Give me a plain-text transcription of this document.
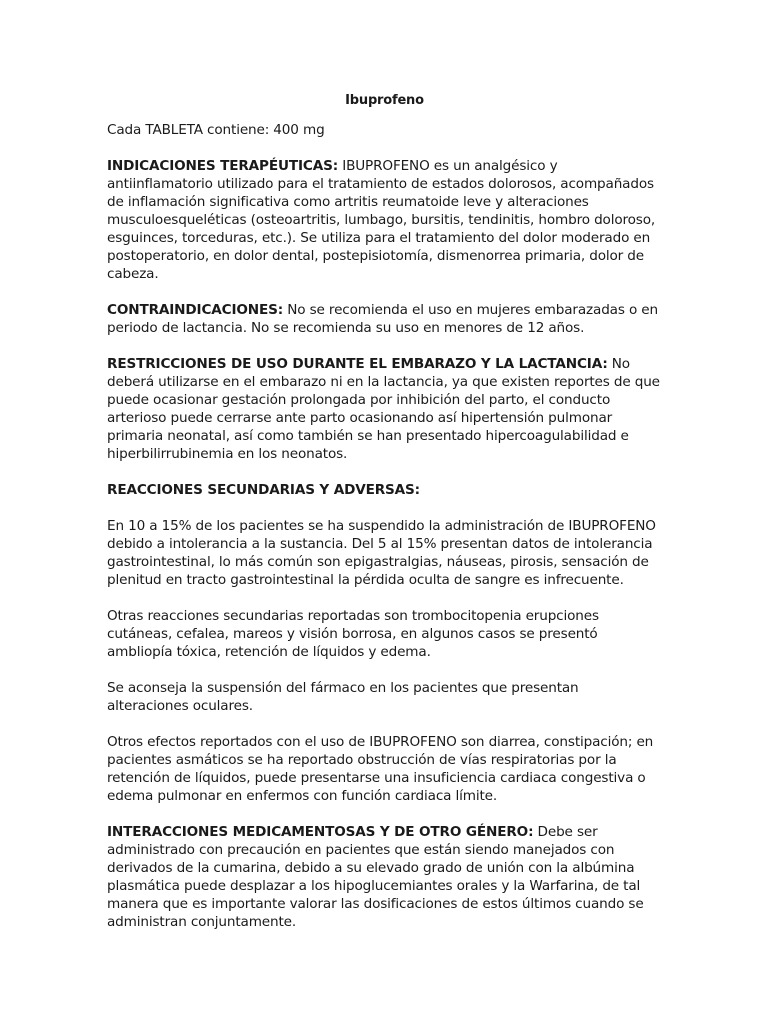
Ibuprofeno

Cada TABLETA contiene: 400 mg

INDICACIONES TERAPÉUTICAS: IBUPROFENO es un analgésico y antiinflamatorio utilizado para el tratamiento de estados dolorosos, acompañados de inflamación significativa como artritis reumatoide leve y alteraciones musculoesqueléticas (osteoartritis, lumbago, bursitis, tendinitis, hombro doloroso, esguinces, torceduras, etc.). Se utiliza para el tratamiento del dolor moderado en postoperatorio, en dolor dental, postepisiotomía, dismenorrea primaria, dolor de cabeza.

CONTRAINDICACIONES: No se recomienda el uso en mujeres embarazadas o en periodo de lactancia. No se recomienda su uso en menores de 12 años.

RESTRICCIONES DE USO DURANTE EL EMBARAZO Y LA LACTANCIA: No deberá utilizarse en el embarazo ni en la lactancia, ya que existen reportes de que puede ocasionar gestación prolongada por inhibición del parto, el conducto arterioso puede cerrarse ante parto ocasionando así hipertensión pulmonar primaria neonatal, así como también se han presentado hipercoagulabilidad e hiperbilirrubinemia en los neonatos.

REACCIONES SECUNDARIAS Y ADVERSAS:

En 10 a 15% de los pacientes se ha suspendido la administración de IBUPROFENO debido a intolerancia a la sustancia. Del 5 al 15% presentan datos de intolerancia gastrointestinal, lo más común son epigastralgias, náuseas, pirosis, sensación de plenitud en tracto gastrointestinal la pérdida oculta de sangre es infrecuente.

Otras reacciones secundarias reportadas son trombocitopenia erupciones cutáneas, cefalea, mareos y visión borrosa, en algunos casos se presentó ambliopía tóxica, retención de líquidos y edema.

Se aconseja la suspensión del fármaco en los pacientes que presentan alteraciones oculares.

Otros efectos reportados con el uso de IBUPROFENO son diarrea, constipación; en pacientes asmáticos se ha reportado obstrucción de vías respiratorias por la retención de líquidos, puede presentarse una insuficiencia cardiaca congestiva o edema pulmonar en enfermos con función cardiaca límite.

INTERACCIONES MEDICAMENTOSAS Y DE OTRO GÉNERO: Debe ser administrado con precaución en pacientes que están siendo manejados con derivados de la cumarina, debido a su elevado grado de unión con la albúmina plasmática puede desplazar a los hipoglucemiantes orales y la Warfarina, de tal manera que es importante valorar las dosificaciones de estos últimos cuando se administran conjuntamente.
